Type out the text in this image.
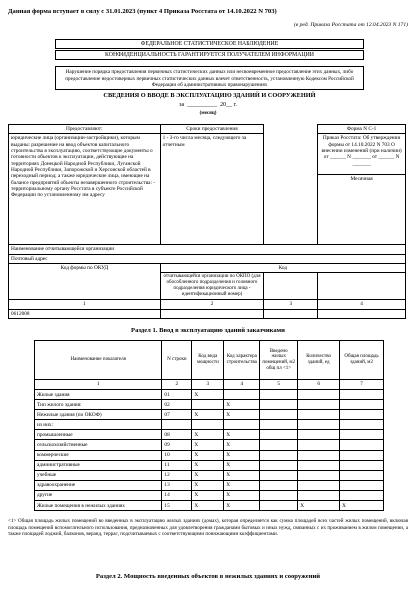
Данная форма вступает в силу с 31.01.2023 (пункт 4 Приказа Росстата от 14.10.2022 N 703)
(в ред. Приказа Росстата от 12.04.2023 N 171)
ФЕДЕРАЛЬНОЕ СТАТИСТИЧЕСКОЕ НАБЛЮДЕНИЕ
КОНФИДЕНЦИАЛЬНОСТЬ ГАРАНТИРУЕТСЯ ПОЛУЧАТЕЛЕМ ИНФОРМАЦИИ
Нарушение порядка предоставления первичных статистических данных или несвоевременное предоставление этих данных, либо предоставление недостоверных первичных статистических данных влечет ответственность, установленную Кодексом Российской Федерации об административных правонарушениях
СВЕДЕНИЯ О ВВОДЕ В ЭКСПЛУАТАЦИЮ ЗДАНИЙ И СООРУЖЕНИЙ
за  __________  20__ г.
(месяц)
Предоставляют:	Сроки предоставления		Форма N С-1
юридические лица (организации-застройщики), которым выданы: разрешение на ввод объектов капитального строительства в эксплуатацию, соответствующие документы о готовности объектов к эксплуатации, действующие на территориях Донецкой Народной Республики, Луганской Народной Республики, Запорожской и Херсонской областей в переходный период; а также юридические лица, имеющие на балансе предприятий объекты незавершенного строительства: - территориальному органу Росстата в субъекте Российской Федерации по установленному им адресу	1 - 3-го числа месяца, следующего за отчетным		Приказ Росстата: Об утверждении формы от 14.10.2022 N 703 О внесении изменений (при наличии) от ______ N _______ от ______ N _______
			Месячная
Наименование отчитывающейся организации			
Почтовый адрес			
Код формы по ОКУД	Код		
	отчитывающейся организации по ОКПО (для обособленного подразделения и головного подразделения юридического лица - идентификационный номер)		
1	2	3	4
0612008			
Раздел 1. Ввод в эксплуатацию зданий заказчиками
Наименование показателя	N строки	Код вида мощности	Код характера строительства	Введено жилых помещений, м2 общ пл <1>	Количество зданий, ед	Общая площадь зданий, м2
1	2	3	4	5	6	7
Жилые здания	01	X				
Тип жилого здания:	02		X			
Нежилые здания (по ОКОФ)	07	X	X			
из них:						
промышленные	08	X	X			
сельскохозяйственные	09	X	X			
коммерческие	10	X	X			
административные	11	X	X			
учебные	12	X	X			
здравоохранение	13	X	X			
другие	14	X	X			
Жилые помещения в нежилых зданиях	15	X	X		X	X
<1> Общая площадь жилых помещений во введенных в эксплуатацию жилых зданиях (домах), которая определяется как сумма площадей всех частей жилых помещений, включая площадь помещений вспомогательного использования, предназначенных для удовлетворения гражданами бытовых и иных нужд, связанных с их проживанием в жилом помещении, а также площадей лоджий, балконов, веранд, террас, подсчитываемых с соответствующими понижающими коэффициентами.
Раздел 2. Мощность введенных объектов в нежилых зданиях и сооружений
